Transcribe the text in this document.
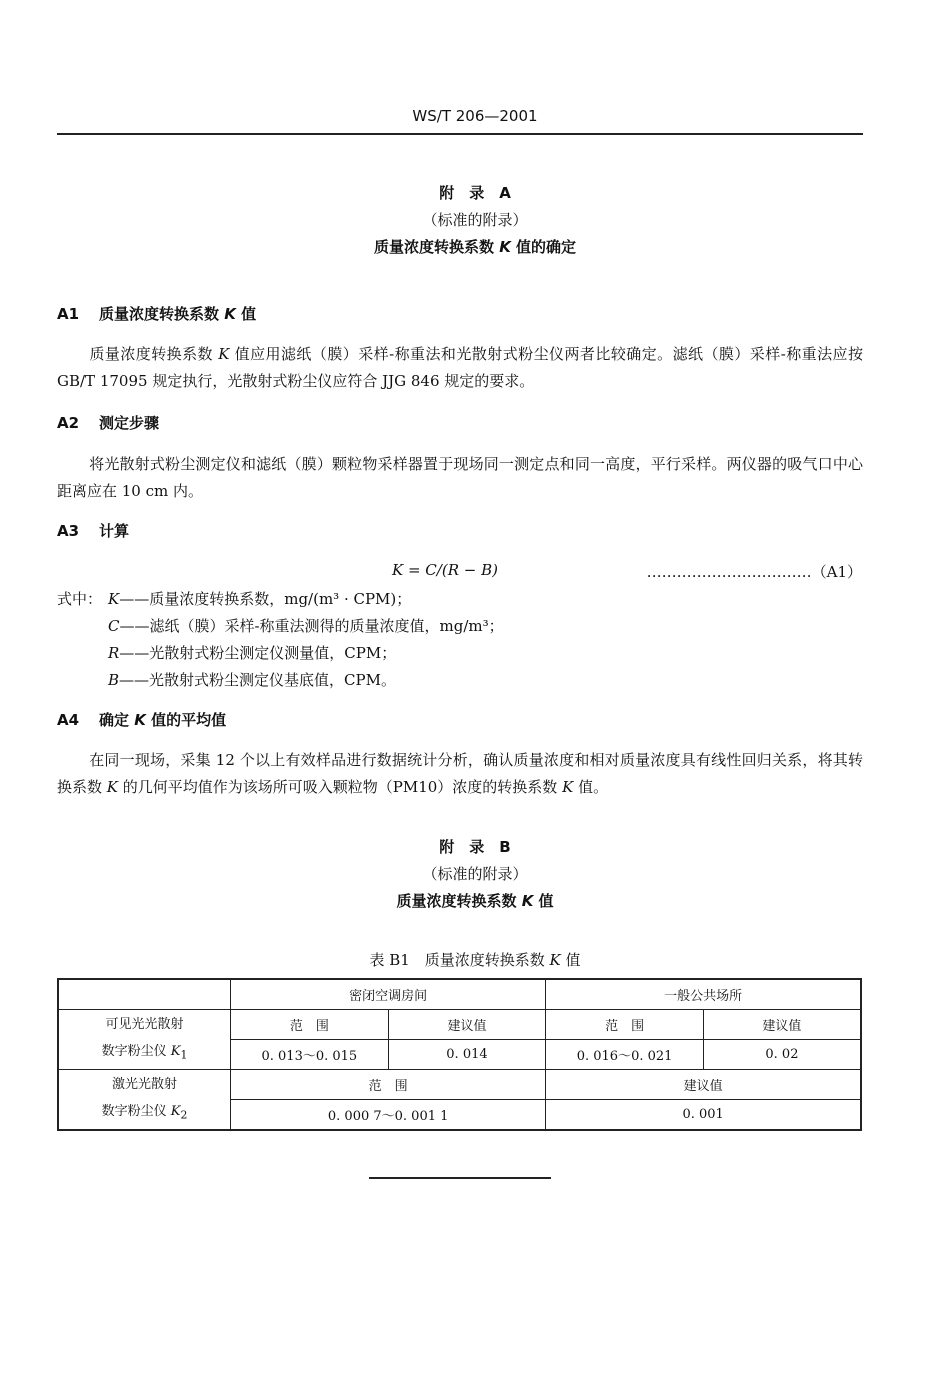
WS/T 206—2001
附　录　A
（标准的附录）
质量浓度转换系数 K 值的确定
A1 质量浓度转换系数 K 值
质量浓度转换系数 K 值应用滤纸（膜）采样-称重法和光散射式粉尘仪两者比较确定。滤纸（膜）采样-称重法应按 GB/T 17095 规定执行，光散射式粉尘仪应符合 JJG 846 规定的要求。
A2 测定步骤
将光散射式粉尘测定仪和滤纸（膜）颗粒物采样器置于现场同一测定点和同一高度，平行采样。两仪器的吸气口中心距离应在 10 cm 内。
A3 计算
K = C/(R − B)	……………………………（A1）
式中： K——质量浓度转换系数，mg/(m³ · CPM)；
C——滤纸（膜）采样-称重法测得的质量浓度值，mg/m³；
R——光散射式粉尘测定仪测量值，CPM；
B——光散射式粉尘测定仪基底值，CPM。
A4 确定 K 值的平均值
在同一现场，采集 12 个以上有效样品进行数据统计分析，确认质量浓度和相对质量浓度具有线性回归关系，将其转换系数 K 的几何平均值作为该场所可吸入颗粒物（PM10）浓度的转换系数 K 值。
附　录　B
（标准的附录）
质量浓度转换系数 K 值
表 B1　质量浓度转换系数 K 值
	密闭空调房间		一般公共场所	
可见光光散射
数字粉尘仪 $K_1$	范　围	建议值	范　围	建议值
	0. 013～0. 015	0. 014	0. 016～0. 021	0. 02
激光光散射
数字粉尘仪 $K_2$	范　围		建议值	
	0. 000 7～0. 001 1		0. 001	
